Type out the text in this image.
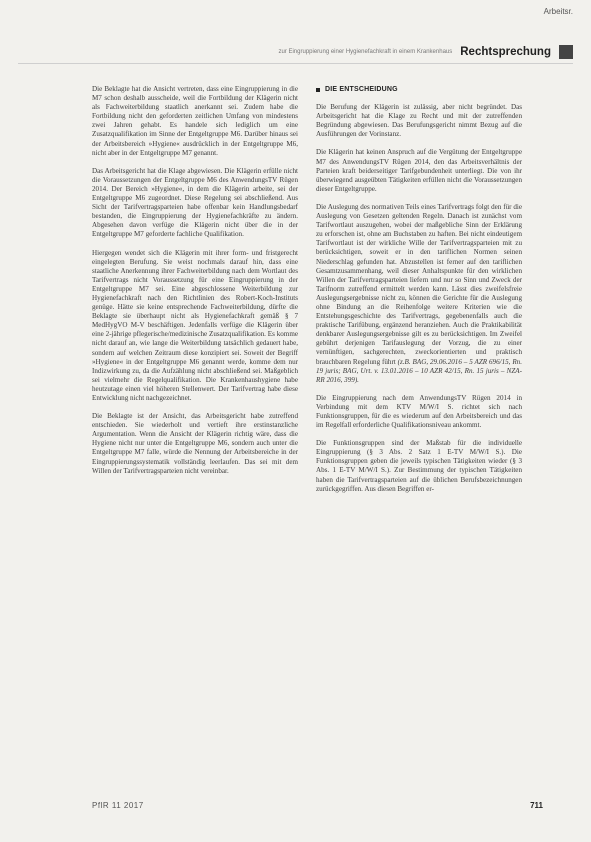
Arbeitsr.
zur Eingruppierung einer Hygienefachkraft in einem Krankenhaus Rechtsprechung

Die Beklagte hat die Ansicht vertreten, dass eine Eingruppierung in die M7 schon deshalb ausscheide, weil die Fortbildung der Klägerin nicht als Fachweiterbildung staatlich anerkannt sei. Zudem habe die Fortbildung nicht den geforderten zeitlichen Umfang von mindestens zwei Jahren gehabt. Es handele sich lediglich um eine Zusatzqualifikation im Sinne der Entgeltgruppe M6. Darüber hinaus sei der Arbeitsbereich »Hygiene« ausdrücklich in der Entgeltgruppe M6, nicht aber in der Entgeltgruppe M7 genannt.

Das Arbeitsgericht hat die Klage abgewiesen. Die Klägerin erfülle nicht die Voraussetzungen der Entgeltgruppe M6 des AnwendungsTV Rügen 2014. Der Bereich »Hygiene«, in dem die Klägerin arbeite, sei der Entgeltgruppe M6 zugeordnet. Diese Regelung sei abschließend. Aus Sicht der Tarifvertragsparteien habe offenbar kein Handlungsbedarf bestanden, die Eingruppierung der Hygienefachkräfte zu ändern. Abgesehen davon verfüge die Klägerin nicht über die in der Entgeltgruppe M7 geforderte fachliche Qualifikation.

Hiergegen wendet sich die Klägerin mit ihrer form- und fristgerecht eingelegten Berufung. Sie weist nochmals darauf hin, dass eine staatliche Anerkennung ihrer Fachweiterbildung nach dem Wortlaut des Tarifvertrags nicht Voraussetzung für eine Eingruppierung in der Entgeltgruppe M7 sei. Eine abgeschlossene Weiterbildung zur Hygienefachkraft nach den Richtlinien des Robert-Koch-Instituts genüge. Hätte sie keine entsprechende Fachweiterbildung, dürfte die Beklagte sie überhaupt nicht als Hygienefachkraft gemäß § 7 MedHygVO M-V beschäftigen. Jedenfalls verfüge die Klägerin über eine 2-jährige pflegerische/medizinische Zusatzqualifikation. Es komme nicht darauf an, wie lange die Weiterbildung tatsächlich gedauert habe, sondern auf welchen Zeitraum diese konzipiert sei. Soweit der Begriff »Hygiene« in der Entgeltgruppe M6 genannt werde, komme dem nur Indizwirkung zu, da die Aufzählung nicht abschließend sei. Maßgeblich sei vielmehr die Regelqualifikation. Die Krankenhaushygiene habe heutzutage einen viel höheren Stellenwert. Der Tarifvertrag habe diese Entwicklung nicht nachgezeichnet.

Die Beklagte ist der Ansicht, das Arbeitsgericht habe zutreffend entschieden. Sie wiederholt und vertieft ihre erstinstanzliche Argumentation. Wenn die Ansicht der Klägerin richtig wäre, dass die Hygiene nicht nur unter die Entgeltgruppe M6, sondern auch unter die Entgeltgruppe M7 falle, würde die Nennung der Arbeitsbereiche in der Eingruppierungssystematik vollständig leerlaufen. Das sei mit dem Willen der Tarifvertragsparteien nicht vereinbar.

DIE ENTSCHEIDUNG

Die Berufung der Klägerin ist zulässig, aber nicht begründet. Das Arbeitsgericht hat die Klage zu Recht und mit der zutreffenden Begründung abgewiesen. Das Berufungsgericht nimmt Bezug auf die Ausführungen der Vorinstanz.

Die Klägerin hat keinen Anspruch auf die Vergütung der Entgeltgruppe M7 des AnwendungsTV Rügen 2014, den das Arbeitsverhältnis der Parteien kraft beiderseitiger Tarifgebundenheit unterliegt. Die von ihr überwiegend ausgeübten Tätigkeiten erfüllen nicht die Voraussetzungen dieser Entgeltgruppe.

Die Auslegung des normativen Teils eines Tarifvertrags folgt den für die Auslegung von Gesetzen geltenden Regeln. Danach ist zunächst vom Tarifwortlaut auszugehen, wobei der maßgebliche Sinn der Erklärung zu erforschen ist, ohne am Buchstaben zu haften. Bei nicht eindeutigem Tarifwortlaut ist der wirkliche Wille der Tarifvertragsparteien mit zu berücksichtigen, soweit er in den tariflichen Normen seinen Niederschlag gefunden hat. Abzustellen ist ferner auf den tariflichen Gesamtzusammenhang, weil dieser Anhaltspunkte für den wirklichen Willen der Tarifvertragsparteien liefern und nur so Sinn und Zweck der Tarifnorm zutreffend ermittelt werden kann. Lässt dies zweifelsfreie Auslegungsergebnisse nicht zu, können die Gerichte für die Auslegung ohne Bindung an die Reihenfolge weitere Kriterien wie die Entstehungsgeschichte des Tarifvertrags, gegebenenfalls auch die praktische Tarifübung, ergänzend heranziehen. Auch die Praktikabilität denkbarer Auslegungsergebnisse gilt es zu berücksichtigen. Im Zweifel gebührt derjenigen Tarifauslegung der Vorzug, die zu einer vernünftigen, sachgerechten, zweckorientierten und praktisch brauchbaren Regelung führt (z.B. BAG, 29.06.2016 – 5 AZR 696/15, Rn. 19 juris; BAG, Urt. v. 13.01.2016 – 10 AZR 42/15, Rn. 15 juris – NZA-RR 2016, 399).

Die Eingruppierung nach dem AnwendungsTV Rügen 2014 in Verbindung mit dem KTV M/W/I S. richtet sich nach Funktionsgruppen, für die es wiederum auf den Arbeitsbereich und das im Regelfall erforderliche Qualifikationsniveau ankommt.

Die Funktionsgruppen sind der Maßstab für die individuelle Eingruppierung (§ 3 Abs. 2 Satz 1 E-TV M/W/I S.). Die Funktionsgruppen geben die jeweils typischen Tätigkeiten wieder (§ 3 Abs. 1 E-TV M/W/I S.). Zur Bestimmung der typischen Tätigkeiten haben die Tarifvertragsparteien auf die üblichen Berufsbezeichnungen zurückgegriffen. Aus diesen Begriffen er-

PflR 11 2017	711
